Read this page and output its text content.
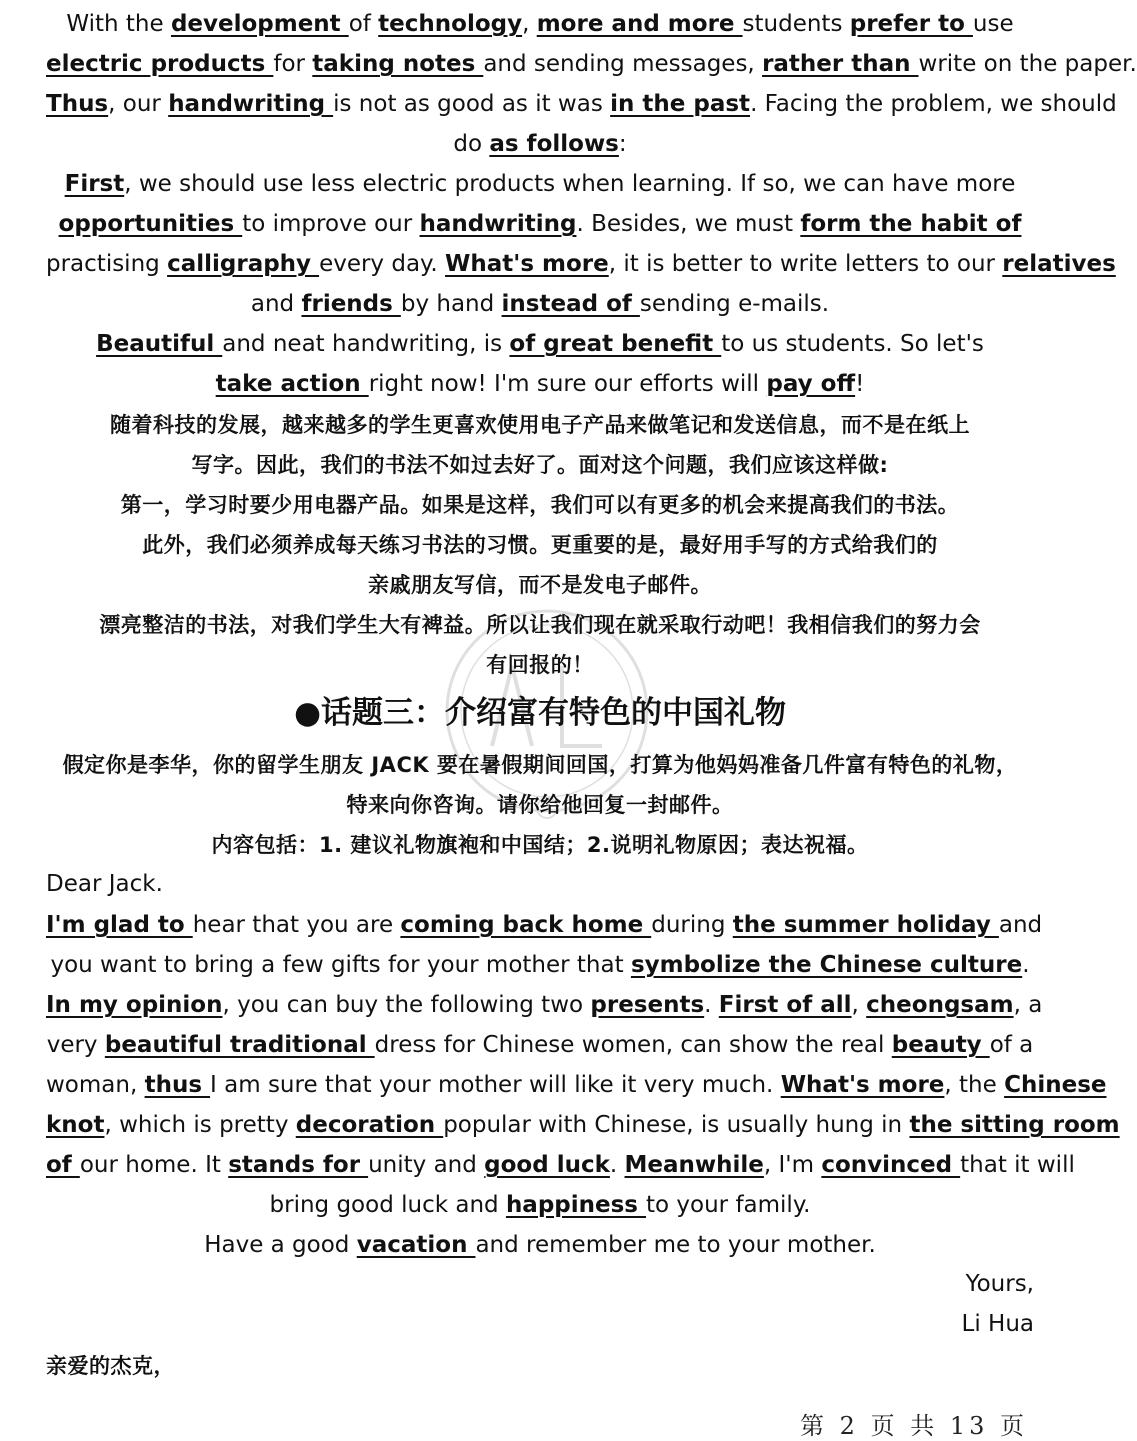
With the development of technology, more and more students prefer to use
electric products for taking notes and sending messages, rather than write on the paper.
Thus, our handwriting is not as good as it was in the past. Facing the problem, we should
do as follows:
First, we should use less electric products when learning. If so, we can have more
opportunities to improve our handwriting. Besides, we must form the habit of
practising calligraphy every day. What's more, it is better to write letters to our relatives
and friends by hand instead of sending e-mails.
Beautiful and neat handwriting, is of great benefit to us students. So let's
take action right now! I'm sure our efforts will pay off!
随着科技的发展，越来越多的学生更喜欢使用电子产品来做笔记和发送信息，而不是在纸上
写字。因此，我们的书法不如过去好了。面对这个问题，我们应该这样做:
第一，学习时要少用电器产品。如果是这样，我们可以有更多的机会来提高我们的书法。
此外，我们必须养成每天练习书法的习惯。更重要的是，最好用手写的方式给我们的
亲戚朋友写信，而不是发电子邮件。
漂亮整洁的书法，对我们学生大有裨益。所以让我们现在就采取行动吧！我相信我们的努力会
有回报的！
●话题三：介绍富有特色的中国礼物
假定你是李华，你的留学生朋友 JACK 要在暑假期间回国，打算为他妈妈准备几件富有特色的礼物，
特来向你咨询。请你给他回复一封邮件。
内容包括：1. 建议礼物旗袍和中国结；2.说明礼物原因；表达祝福。
Dear Jack.
I'm glad to hear that you are coming back home during the summer holiday and
you want to bring a few gifts for your mother that symbolize the Chinese culture.
In my opinion, you can buy the following two presents. First of all, cheongsam, a
very beautiful traditional dress for Chinese women, can show the real beauty of a
woman, thus I am sure that your mother will like it very much. What's more, the Chinese
knot, which is pretty decoration popular with Chinese, is usually hung in the sitting room
of our home. It stands for unity and good luck. Meanwhile, I'm convinced that it will
bring good luck and happiness to your family.
Have a good vacation and remember me to your mother.
Yours,
Li Hua
亲爱的杰克，
第 2 页 共 13 页
